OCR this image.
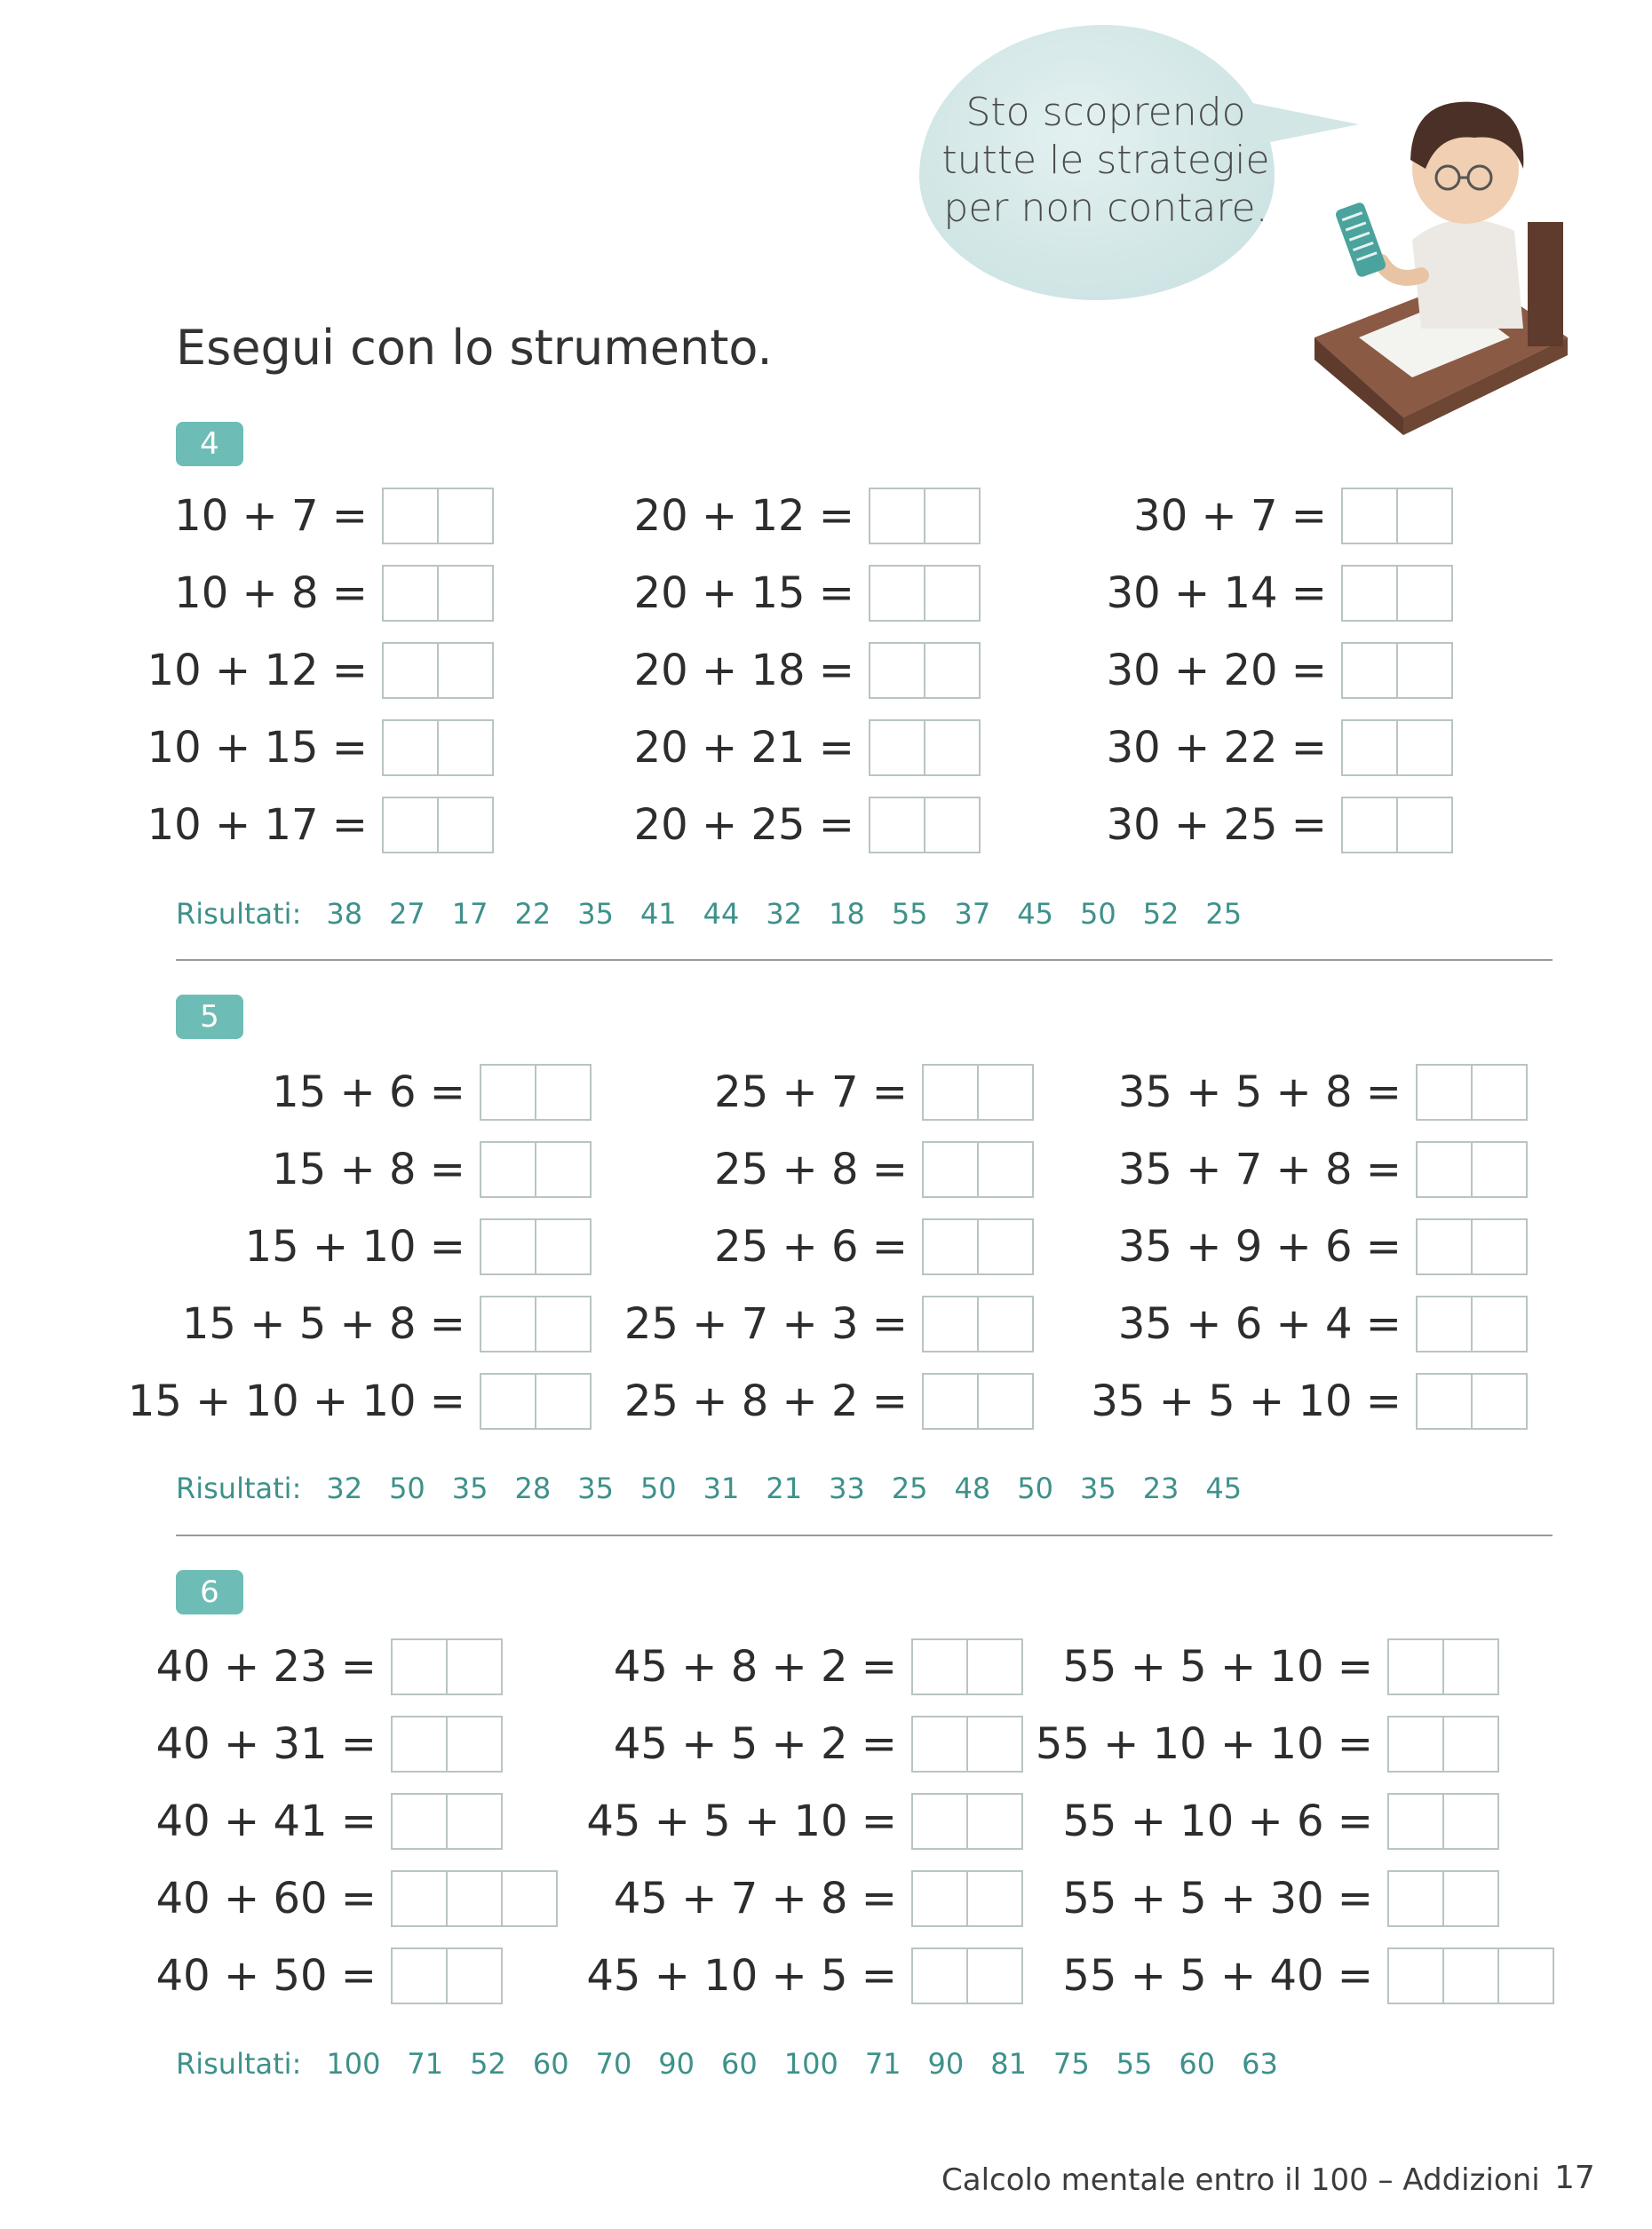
Sto scoprendo
tutte le strategie
per non contare.
Esegui con lo strumento.
4
10 + 7 =
10 + 8 =
10 + 12 =
10 + 15 =
10 + 17 =
20 + 12 =
20 + 15 =
20 + 18 =
20 + 21 =
20 + 25 =
30 + 7 =
30 + 14 =
30 + 20 =
30 + 22 =
30 + 25 =
Risultati: 38 27 17 22 35 41 44 32 18 55 37 45 50 52 25
5
15 + 6 =
15 + 8 =
15 + 10 =
15 + 5 + 8 =
15 + 10 + 10 =
25 + 7 =
25 + 8 =
25 + 6 =
25 + 7 + 3 =
25 + 8 + 2 =
35 + 5 + 8 =
35 + 7 + 8 =
35 + 9 + 6 =
35 + 6 + 4 =
35 + 5 + 10 =
Risultati: 32 50 35 28 35 50 31 21 33 25 48 50 35 23 45
6
40 + 23 =
40 + 31 =
40 + 41 =
40 + 60 =
40 + 50 =
45 + 8 + 2 =
45 + 5 + 2 =
45 + 5 + 10 =
45 + 7 + 8 =
45 + 10 + 5 =
55 + 5 + 10 =
55 + 10 + 10 =
55 + 10 + 6 =
55 + 5 + 30 =
55 + 5 + 40 =
Risultati: 100 71 52 60 70 90 60 100 71 90 81 75 55 60 63
Calcolo mentale entro il 100 – Addizioni 17
